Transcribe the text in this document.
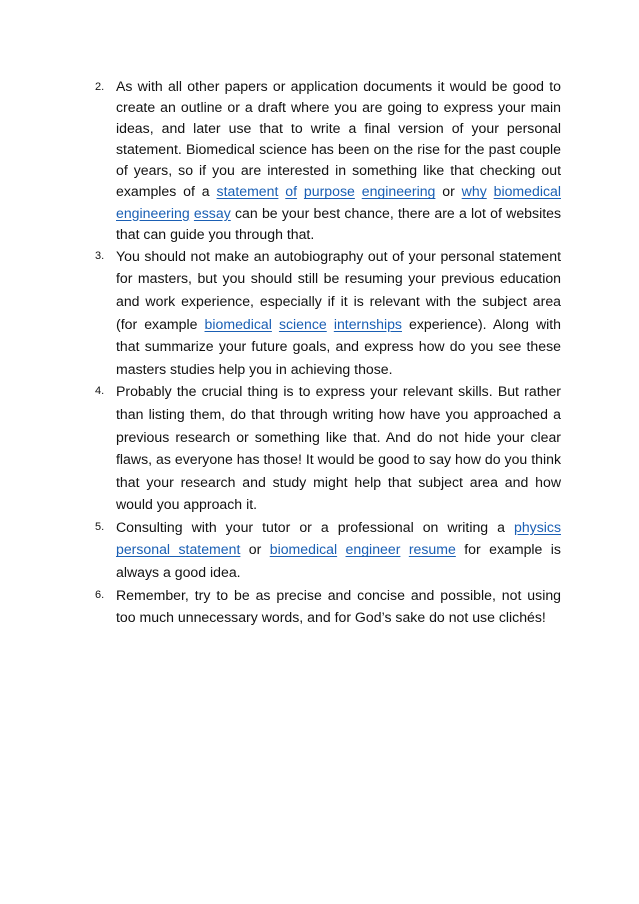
2. As with all other papers or application documents it would be good to create an outline or a draft where you are going to express your main ideas, and later use that to write a final version of your personal statement. Biomedical science has been on the rise for the past couple of years, so if you are interested in something like that checking out examples of a statement of purpose engineering or why biomedical engineering essay can be your best chance, there are a lot of websites that can guide you through that.
3. You should not make an autobiography out of your personal statement for masters, but you should still be resuming your previous education and work experience, especially if it is relevant with the subject area (for example biomedical science internships experience). Along with that summarize your future goals, and express how do you see these masters studies help you in achieving those.
4. Probably the crucial thing is to express your relevant skills. But rather than listing them, do that through writing how have you approached a previous research or something like that. And do not hide your clear flaws, as everyone has those! It would be good to say how do you think that your research and study might help that subject area and how would you approach it.
5. Consulting with your tutor or a professional on writing a physics personal statement or biomedical engineer resume for example is always a good idea.
6. Remember, try to be as precise and concise and possible, not using too much unnecessary words, and for God’s sake do not use clichés!
